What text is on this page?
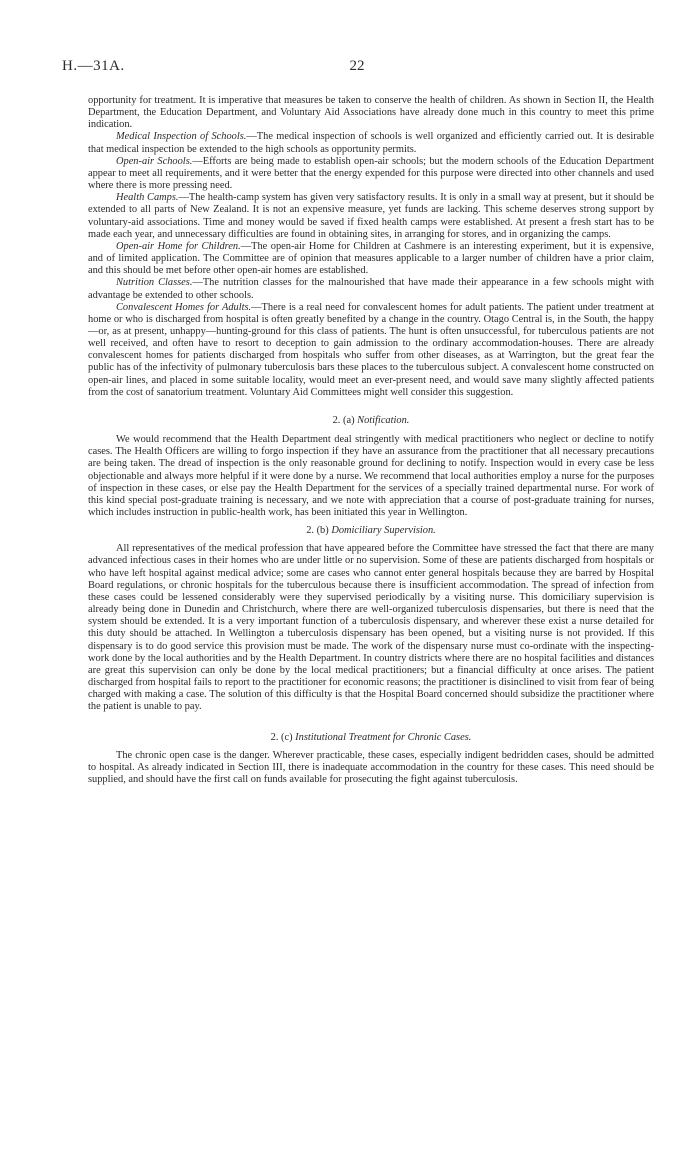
H.—31A.	22

opportunity for treatment. It is imperative that measures be taken to conserve the health of children. As shown in Section II, the Health Department, the Education Department, and Voluntary Aid Associations have already done much in this country to meet this prime indication.

Medical Inspection of Schools.—The medical inspection of schools is well organized and efficiently carried out. It is desirable that medical inspection be extended to the high schools as opportunity permits.

Open-air Schools.—Efforts are being made to establish open-air schools; but the modern schools of the Education Department appear to meet all requirements, and it were better that the energy expended for this purpose were directed into other channels and used where there is more pressing need.

Health Camps.—The health-camp system has given very satisfactory results. It is only in a small way at present, but it should be extended to all parts of New Zealand. It is not an expensive measure, yet funds are lacking. This scheme deserves strong support by voluntary-aid associations. Time and money would be saved if fixed health camps were established. At present a fresh start has to be made each year, and unnecessary difficulties are found in obtaining sites, in arranging for stores, and in organizing the camps.

Open-air Home for Children.—The open-air Home for Children at Cashmere is an interesting experiment, but it is expensive, and of limited application. The Committee are of opinion that measures applicable to a larger number of children have a prior claim, and this should be met before other open-air homes are established.

Nutrition Classes.—The nutrition classes for the malnourished that have made their appearance in a few schools might with advantage be extended to other schools.

Convalescent Homes for Adults.—There is a real need for convalescent homes for adult patients. The patient under treatment at home or who is discharged from hospital is often greatly benefited by a change in the country. Otago Central is, in the South, the happy—or, as at present, unhappy—hunting-ground for this class of patients. The hunt is often unsuccessful, for tuberculous patients are not well received, and often have to resort to deception to gain admission to the ordinary accommodation-houses. There are already convalescent homes for patients discharged from hospitals who suffer from other diseases, as at Warrington, but the great fear the public has of the infectivity of pulmonary tuberculosis bars these places to the tuberculous subject. A convalescent home constructed on open-air lines, and placed in some suitable locality, would meet an ever-present need, and would save many slightly affected patients from the cost of sanatorium treatment. Voluntary Aid Committees might well consider this suggestion.

2. (a) Notification.

We would recommend that the Health Department deal stringently with medical practitioners who neglect or decline to notify cases. The Health Officers are willing to forgo inspection if they have an assurance from the practitioner that all necessary precautions are being taken. The dread of inspection is the only reasonable ground for declining to notify. Inspection would in every case be less objectionable and always more helpful if it were done by a nurse. We recommend that local authorities employ a nurse for the purposes of inspection in these cases, or else pay the Health Department for the services of a specially trained departmental nurse. For work of this kind special post-graduate training is necessary, and we note with appreciation that a course of post-graduate training for nurses, which includes instruction in public-health work, has been initiated this year in Wellington.

2. (b) Domiciliary Supervision.

All representatives of the medical profession that have appeared before the Committee have stressed the fact that there are many advanced infectious cases in their homes who are under little or no supervision. Some of these are patients discharged from hospitals or who have left hospital against medical advice; some are cases who cannot enter general hospitals because they are barred by Hospital Board regulations, or chronic hospitals for the tuberculous because there is insufficient accommodation. The spread of infection from these cases could be lessened considerably were they supervised periodically by a visiting nurse. This domiciliary supervision is already being done in Dunedin and Christchurch, where there are well-organized tuberculosis dispensaries, but there is need that the system should be extended. It is a very important function of a tuberculosis dispensary, and wherever these exist a nurse detailed for this duty should be attached. In Wellington a tuberculosis dispensary has been opened, but a visiting nurse is not provided. If this dispensary is to do good service this provision must be made. The work of the dispensary nurse must co-ordinate with the inspecting-work done by the local authorities and by the Health Department. In country districts where there are no hospital facilities and distances are great this supervision can only be done by the local medical practitioners; but a financial difficulty at once arises. The patient discharged from hospital fails to report to the practitioner for economic reasons; the practitioner is disinclined to visit from fear of being charged with making a case. The solution of this difficulty is that the Hospital Board concerned should subsidize the practitioner where the patient is unable to pay.

2. (c) Institutional Treatment for Chronic Cases.

The chronic open case is the danger. Wherever practicable, these cases, especially indigent bedridden cases, should be admitted to hospital. As already indicated in Section III, there is inadequate accommodation in the country for these cases. This need should be supplied, and should have the first call on funds available for prosecuting the fight against tuberculosis.
